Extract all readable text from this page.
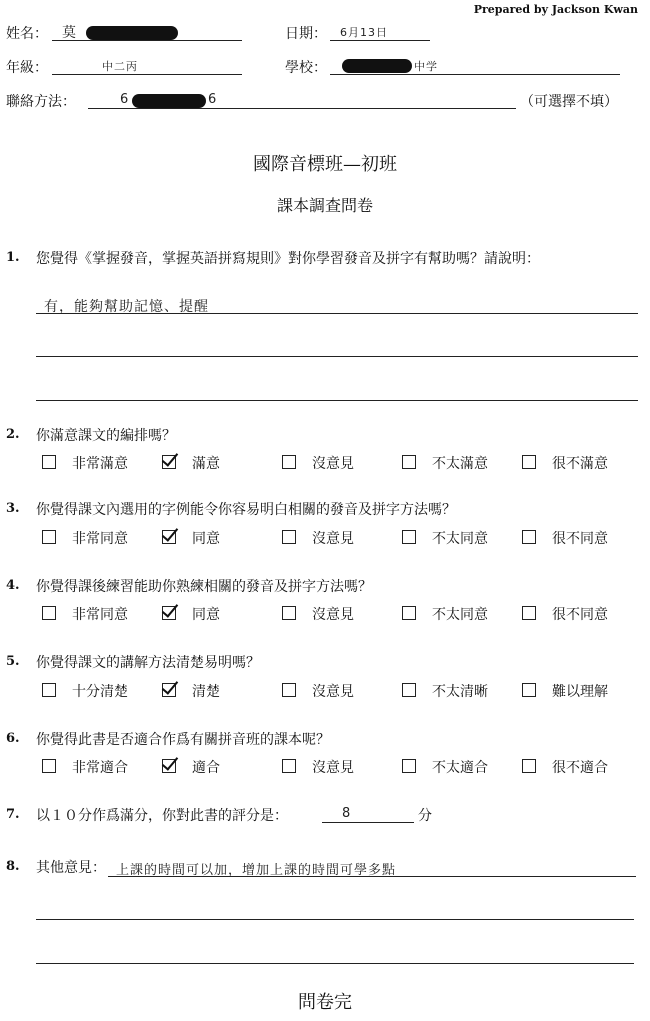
Prepared by Jackson Kwan
姓名： 莫	日期： 6月13日
年級：	中二丙	學校：	中学
聯絡方法：	6	6	（可選擇不填）
國際音標班—初班
課本調查問卷
1. 您覺得《掌握發音，掌握英語拼寫規則》對你學習發音及拼字有幫助嗎？請說明：
有，能夠幫助記憶、提醒
2. 你滿意課文的編排嗎？
非常滿意	滿意	沒意見	不太滿意	很不滿意
3. 你覺得課文內選用的字例能令你容易明白相關的發音及拼字方法嗎？
非常同意	同意	沒意見	不太同意	很不同意
4. 你覺得課後練習能助你熟練相關的發音及拼字方法嗎？
非常同意	同意	沒意見	不太同意	很不同意
5. 你覺得課文的講解方法清楚易明嗎？
十分清楚	清楚	沒意見	不太清晰	難以理解
6. 你覺得此書是否適合作爲有關拼音班的課本呢？
非常適合	適合	沒意見	不太適合	很不適合
7. 以１０分作爲滿分，你對此書的評分是：	8	分
8. 其他意見： 上課的時間可以加，增加上課的時間可學多點
問卷完
